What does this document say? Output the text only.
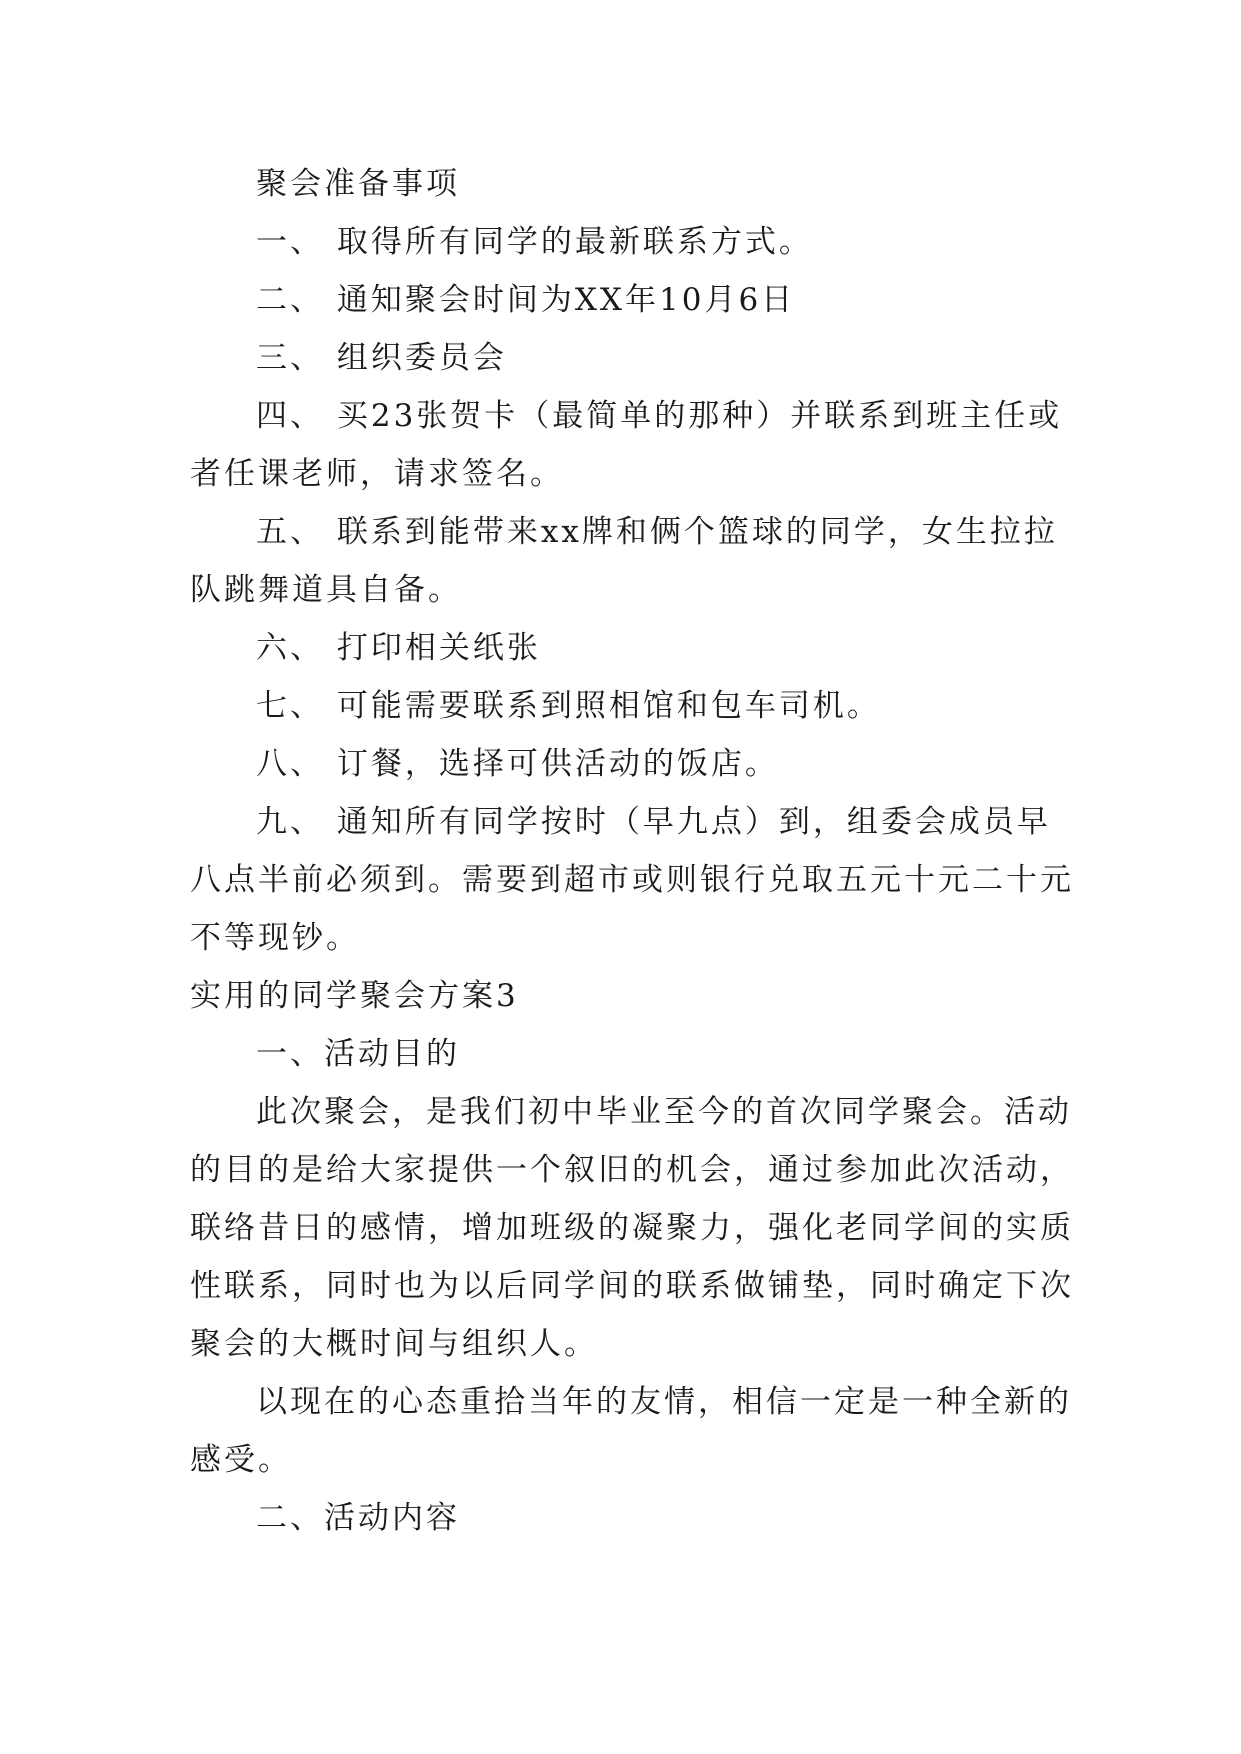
聚会准备事项
一、 取得所有同学的最新联系方式。
二、 通知聚会时间为XX年10月6日
三、 组织委员会
四、 买23张贺卡（最简单的那种）并联系到班主任或
者任课老师，请求签名。
五、 联系到能带来xx牌和俩个篮球的同学，女生拉拉
队跳舞道具自备。
六、 打印相关纸张
七、 可能需要联系到照相馆和包车司机。
八、 订餐，选择可供活动的饭店。
九、 通知所有同学按时（早九点）到，组委会成员早
八点半前必须到。需要到超市或则银行兑取五元十元二十元
不等现钞。
实用的同学聚会方案3
一、活动目的
此次聚会，是我们初中毕业至今的首次同学聚会。活动
的目的是给大家提供一个叙旧的机会，通过参加此次活动，
联络昔日的感情，增加班级的凝聚力，强化老同学间的实质
性联系，同时也为以后同学间的联系做铺垫，同时确定下次
聚会的大概时间与组织人。
以现在的心态重拾当年的友情，相信一定是一种全新的
感受。
二、活动内容
